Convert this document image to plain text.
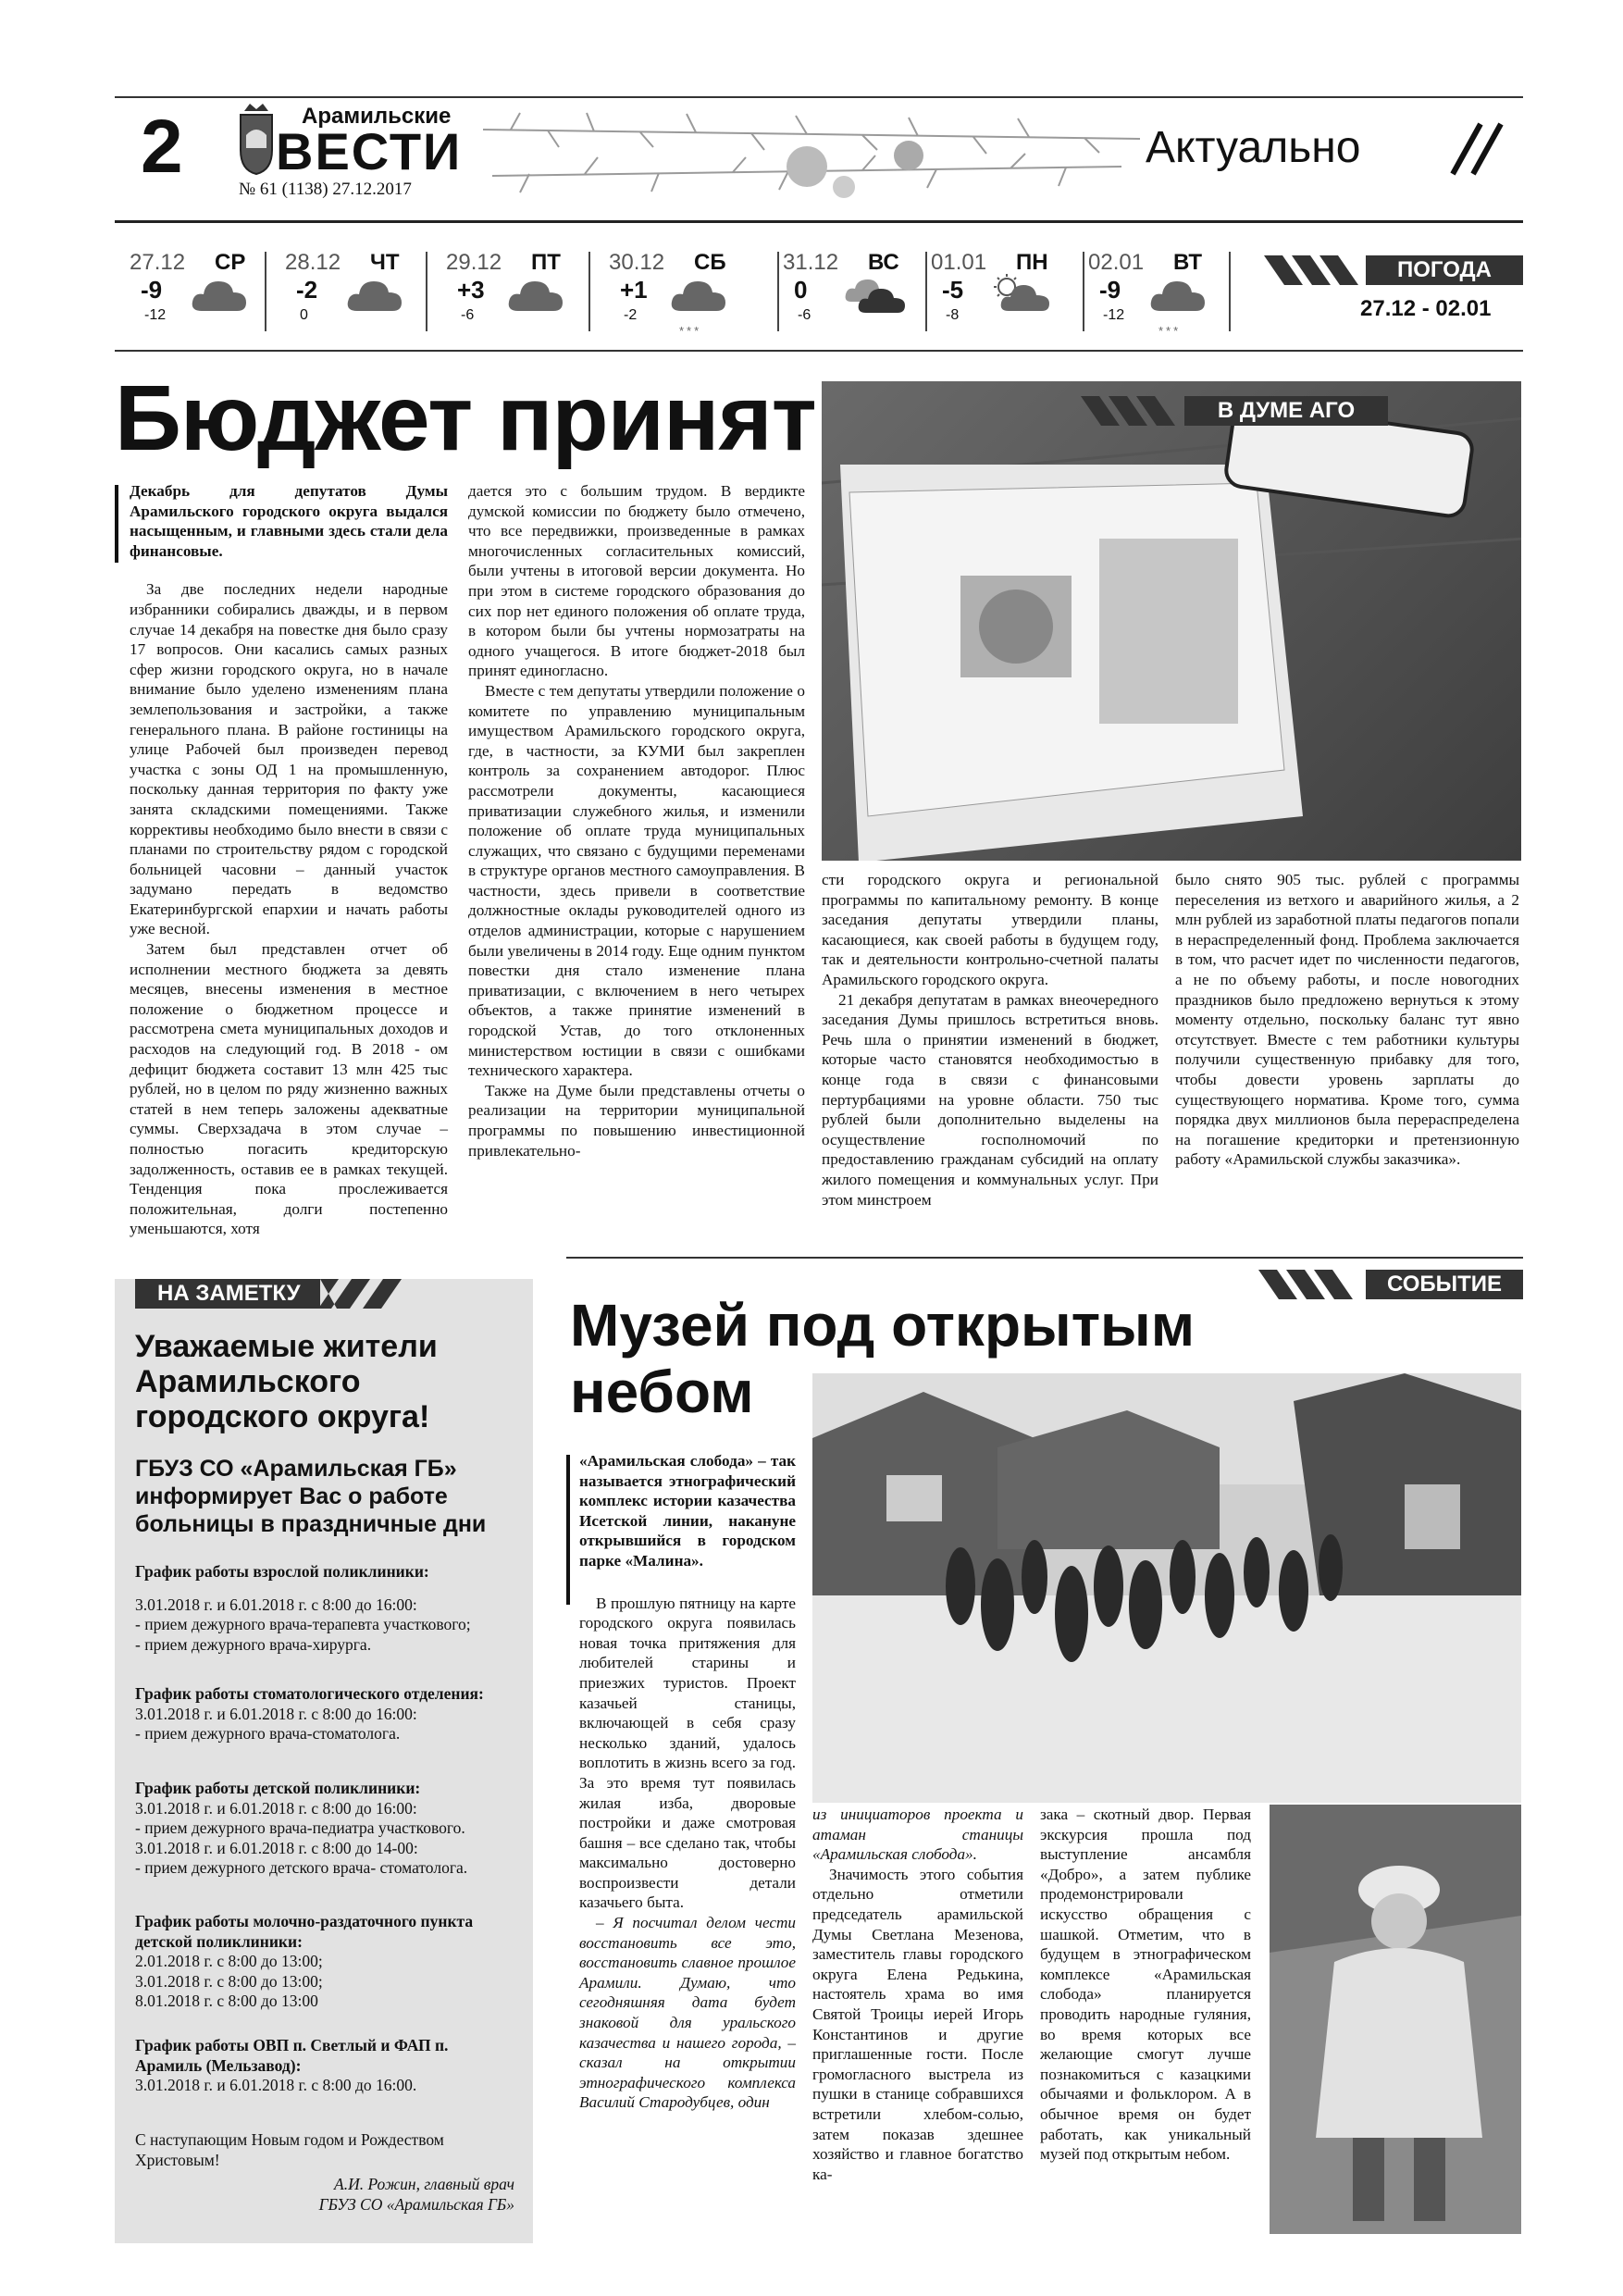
2	Арамильские
ВЕСТИ
№ 61 (1138) 27.12.2017
Актуально
27.12 СР
-9
-12
28.12 ЧТ
-2
0
29.12 ПТ
+3
-6
30.12 СБ
+1
-2
***
31.12 ВС
0
-6
01.01 ПН
-5
-8
02.01 ВТ
-9
-12
***
ПОГОДА
27.12 - 02.01
Бюджет принят	В ДУМЕ АГО

Декабрь для депутатов Думы Арамильского городского округа выдался насыщенным, и главными здесь стали дела финансовые.

За две последних недели народные избранники собирались дважды, и в первом случае 14 декабря на повестке дня было сразу 17 вопросов. Они касались самых разных сфер жизни городского округа, но в начале внимание было уделено изменениям плана землепользования и застройки, а также генерального плана. В районе гостиницы на улице Рабочей был произведен перевод участка с зоны ОД 1 на промышленную, поскольку данная территория по факту уже занята складскими помещениями. Также коррективы необходимо было внести в связи с планами по строительству рядом с городской больницей часовни – данный участок задумано передать в ведомство Екатеринбургской епархии и начать работы уже весной.

Затем был представлен отчет об исполнении местного бюджета за девять месяцев, внесены изменения в местное положение о бюджетном процессе и рассмотрена смета муниципальных доходов и расходов на следующий год. В 2018 - ом дефицит бюджета составит 13 млн 425 тыс рублей, но в целом по ряду жизненно важных статей в нем теперь заложены адекватные суммы. Сверхзадача в этом случае – полностью погасить кредиторскую задолженность, оставив ее в рамках текущей. Тенденция пока прослеживается положительная, долги постепенно уменьшаются, хотя

дается это с большим трудом. В вердикте думской комиссии по бюджету было отмечено, что все передвижки, произведенные в рамках многочисленных согласительных комиссий, были учтены в итоговой версии документа. Но при этом в системе городского образования до сих пор нет единого положения об оплате труда, в котором были бы учтены нормозатраты на одного учащегося. В итоге бюджет-2018 был принят единогласно.

Вместе с тем депутаты утвердили положение о комитете по управлению муниципальным имуществом Арамильского городского округа, где, в частности, за КУМИ был закреплен контроль за сохранением автодорог. Плюс рассмотрели документы, касающиеся приватизации служебного жилья, и изменили положение об оплате труда муниципальных служащих, что связано с будущими переменами в структуре органов местного самоуправления. В частности, здесь привели в соответствие должностные оклады руководителей одного из отделов администрации, которые с нарушением были увеличены в 2014 году. Еще одним пунктом повестки дня стало изменение плана приватизации, с включением в него четырех объектов, а также принятие изменений в городской Устав, до того отклоненных министерством юстиции в связи с ошибками технического характера.

Также на Думе были представлены отчеты о реализации на территории муниципальной программы по повышению инвестиционной привлекательно-

сти городского округа и региональной программы по капитальному ремонту. В конце заседания депутаты утвердили планы, касающиеся, как своей работы в будущем году, так и деятельности контрольно-счетной палаты Арамильского городского округа.

21 декабря депутатам в рамках внеочередного заседания Думы пришлось встретиться вновь. Речь шла о принятии изменений в бюджет, которые часто становятся необходимостью в конце года в связи с финансовыми пертурбациями на уровне области. 750 тыс рублей были дополнительно выделены на осуществление госполномочий по предоставлению гражданам субсидий на оплату жилого помещения и коммунальных услуг. При этом минстроем

было снято 905 тыс. рублей с программы переселения из ветхого и аварийного жилья, а 2 млн рублей из заработной платы педагогов попали в нераспределенный фонд. Проблема заключается в том, что расчет идет по численности педагогов, а не по объему работы, и после новогодних праздников было предложено вернуться к этому моменту отдельно, поскольку баланс тут явно отсутствует. Вместе с тем работники культуры получили существенную прибавку для того, чтобы довести уровень зарплаты до существующего норматива. Кроме того, сумма порядка двух миллионов была перераспределена на погашение кредиторки и претензионную работу «Арамильской службы заказчика».

НА ЗАМЕТКУ
Уважаемые жители Арамильского городского округа!
ГБУЗ СО «Арамильская ГБ» информирует Вас о работе больницы в праздничные дни
График работы взрослой поликлиники:
3.01.2018 г. и 6.01.2018 г. с 8:00 до 16:00:
- прием дежурного врача-терапевта участкового;
- прием дежурного врача-хирурга.
График работы стоматологического отделения:
3.01.2018 г. и 6.01.2018 г. с 8:00 до 16:00:
- прием дежурного врача-стоматолога.
График работы детской поликлиники:
3.01.2018 г. и 6.01.2018 г. с 8:00 до 16:00:
- прием дежурного врача-педиатра участкового.
3.01.2018 г. и 6.01.2018 г. с 8:00 до 14-00:
- прием дежурного детского врача- стоматолога.
График работы молочно-раздаточного пункта детской поликлиники:
2.01.2018 г. с 8:00 до 13:00;
3.01.2018 г. с 8:00 до 13:00;
8.01.2018 г. с 8:00 до 13:00
График работы ОВП п. Светлый и ФАП п. Арамиль (Мельзавод):
3.01.2018 г. и 6.01.2018 г. с 8:00 до 16:00.
С наступающим Новым годом и Рождеством Христовым!
А.И. Рожин, главный врач
ГБУЗ СО «Арамильская ГБ»
СОБЫТИЕ
Музей под открытым
небом

«Арамильская слобода» – так называется этнографический комплекс истории казачества Исетской линии, накануне открывшийся в городском парке «Малина».

В прошлую пятницу на карте городского округа появилась новая точка притяжения для любителей старины и приезжих туристов. Проект казачьей станицы, включающей в себя сразу несколько зданий, удалось воплотить в жизнь всего за год. За это время тут появилась жилая изба, дворовые постройки и даже смотровая башня – все сделано так, чтобы максимально достоверно воспроизвести детали казачьего быта.

– Я посчитал делом чести восстановить все это, восстановить славное прошлое Арамили. Думаю, что сегодняшняя дата будет знаковой для уральского казачества и нашего города, – сказал на открытии этнографического комплекса Василий Стародубцев, один

из инициаторов проекта и атаман станицы «Арамильская слобода».

Значимость этого события отдельно отметили председатель арамильской Думы Светлана Мезенова, заместитель главы городского округа Елена Редькина, настоятель храма во имя Святой Троицы иерей Игорь Константинов и другие приглашенные гости. После громогласного выстрела из пушки в станице собравшихся встретили хлебом-солью, затем показав здешнее хозяйство и главное богатство ка-

зака – скотный двор. Первая экскурсия прошла под выступление ансамбля «Добро», а затем публике продемонстрировали искусство обращения с шашкой. Отметим, что в будущем в этнографическом комплексе «Арамильская слобода» планируется проводить народные гуляния, во время которых все желающие смогут лучше познакомиться с казацкими обычаями и фольклором. А в обычное время он будет работать, как уникальный музей под открытым небом.
